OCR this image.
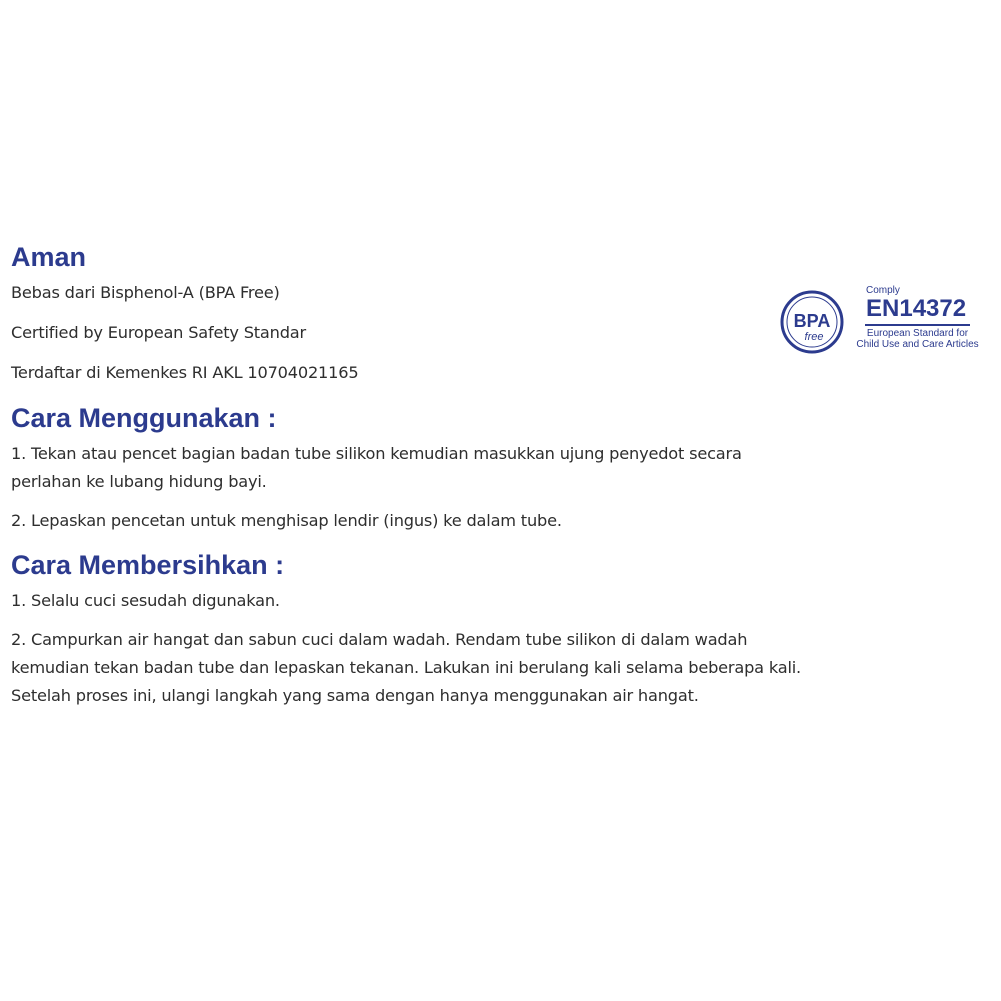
Aman

Bebas dari Bisphenol-A (BPA Free)

Certified by European Safety Standar

Terdaftar di Kemenkes RI AKL 10704021165

Cara Menggunakan :

1. Tekan atau pencet bagian badan tube silikon kemudian masukkan ujung penyedot secara perlahan ke lubang hidung bayi.

2. Lepaskan pencetan untuk menghisap lendir (ingus) ke dalam tube.

Cara Membersihkan :

1. Selalu cuci sesudah digunakan.

2. Campurkan air hangat dan sabun cuci dalam wadah. Rendam tube silikon di dalam wadah kemudian tekan badan tube dan lepaskan tekanan. Lakukan ini berulang kali selama beberapa kali. Setelah proses ini, ulangi langkah yang sama dengan hanya menggunakan air hangat.

BPA
free
Comply
EN14372
European Standard for
Child Use and Care Articles
